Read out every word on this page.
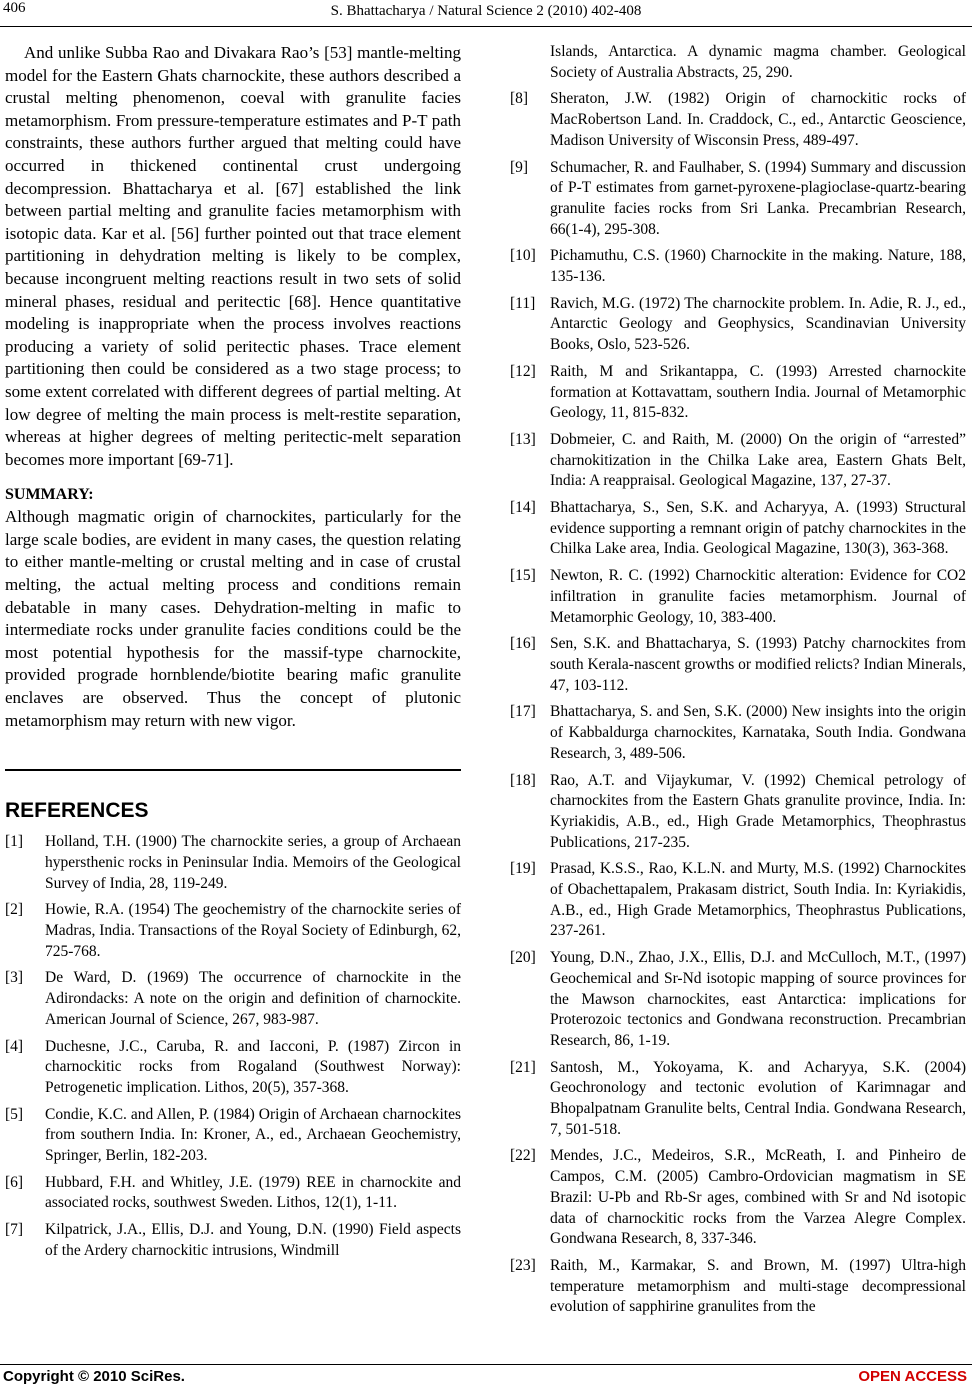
406	S. Bhattacharya / Natural Science 2 (2010) 402-408

And unlike Subba Rao and Divakara Rao’s [53] mantle-melting model for the Eastern Ghats charnockite, these authors described a crustal melting phenomenon, coeval with granulite facies metamorphism. From pressure-temperature estimates and P-T path constraints, these authors further argued that melting could have occurred in thickened continental crust undergoing decompression. Bhattacharya et al. [67] established the link between partial melting and granulite facies metamorphism with isotopic data. Kar et al. [56] further pointed out that trace element partitioning in dehydration melting is likely to be complex, because incongruent melting reactions result in two sets of solid mineral phases, residual and peritectic [68]. Hence quantitative modeling is inappropriate when the process involves reactions producing a variety of solid peritectic phases. Trace element partitioning then could be considered as a two stage process; to some extent correlated with different degrees of partial melting. At low degree of melting the main process is melt-restite separation, whereas at higher degrees of melting peritectic-melt separation becomes more important [69-71].

SUMMARY:

Although magmatic origin of charnockites, particularly for the large scale bodies, are evident in many cases, the question relating to either mantle-melting or crustal melting and in case of crustal melting, the actual melting process and conditions remain debatable in many cases. Dehydration-melting in mafic to intermediate rocks under granulite facies conditions could be the most potential hypothesis for the massif-type charnockite, provided prograde hornblende/biotite bearing mafic granulite enclaves are observed. Thus the concept of plutonic metamorphism may return with new vigor.

REFERENCES
[1]	Holland, T.H. (1900) The charnockite series, a group of Archaean hypersthenic rocks in Peninsular India. Memoirs of the Geological Survey of India, 28, 119-249.
[2]	Howie, R.A. (1954) The geochemistry of the charnockite series of Madras, India. Transactions of the Royal Society of Edinburgh, 62, 725-768.
[3]	De Ward, D. (1969) The occurrence of charnockite in the Adirondacks: A note on the origin and definition of charnockite. American Journal of Science, 267, 983-987.
[4]	Duchesne, J.C., Caruba, R. and Iacconi, P. (1987) Zircon in charnockitic rocks from Rogaland (Southwest Norway): Petrogenetic implication. Lithos, 20(5), 357-368.
[5]	Condie, K.C. and Allen, P. (1984) Origin of Archaean charnockites from southern India. In: Kroner, A., ed., Archaean Geochemistry, Springer, Berlin, 182-203.
[6]	Hubbard, F.H. and Whitley, J.E. (1979) REE in charnockite and associated rocks, southwest Sweden. Lithos, 12(1), 1-11.
[7]	Kilpatrick, J.A., Ellis, D.J. and Young, D.N. (1990) Field aspects of the Ardery charnockitic intrusions, Windmill
Islands, Antarctica. A dynamic magma chamber. Geological Society of Australia Abstracts, 25, 290.
[8]	Sheraton, J.W. (1982) Origin of charnockitic rocks of MacRobertson Land. In. Craddock, C., ed., Antarctic Geoscience, Madison University of Wisconsin Press, 489-497.
[9]	Schumacher, R. and Faulhaber, S. (1994) Summary and discussion of P-T estimates from garnet-pyroxene-plagioclase-quartz-bearing granulite facies rocks from Sri Lanka. Precambrian Research, 66(1-4), 295-308.
[10] Pichamuthu, C.S. (1960) Charnockite in the making. Nature, 188, 135-136.
[11] Ravich, M.G. (1972) The charnockite problem. In. Adie, R. J., ed., Antarctic Geology and Geophysics, Scandinavian University Books, Oslo, 523-526.
[12] Raith, M and Srikantappa, C. (1993) Arrested charnockite formation at Kottavattam, southern India. Journal of Metamorphic Geology, 11, 815-832.
[13] Dobmeier, C. and Raith, M. (2000) On the origin of “arrested” charnokitization in the Chilka Lake area, Eastern Ghats Belt, India: A reappraisal. Geological Magazine, 137, 27-37.
[14] Bhattacharya, S., Sen, S.K. and Acharyya, A. (1993) Structural evidence supporting a remnant origin of patchy charnockites in the Chilka Lake area, India. Geological Magazine, 130(3), 363-368.
[15] Newton, R. C. (1992) Charnockitic alteration: Evidence for CO2 infiltration in granulite facies metamorphism. Journal of Metamorphic Geology, 10, 383-400.
[16] Sen, S.K. and Bhattacharya, S. (1993) Patchy charnockites from south Kerala-nascent growths or modified relicts? Indian Minerals, 47, 103-112.
[17] Bhattacharya, S. and Sen, S.K. (2000) New insights into the origin of Kabbaldurga charnockites, Karnataka, South India. Gondwana Research, 3, 489-506.
[18] Rao, A.T. and Vijaykumar, V. (1992) Chemical petrology of charnockites from the Eastern Ghats granulite province, India. In: Kyriakidis, A.B., ed., High Grade Metamorphics, Theophrastus Publications, 217-235.
[19] Prasad, K.S.S., Rao, K.L.N. and Murty, M.S. (1992) Charnockites of Obachettapalem, Prakasam district, South India. In: Kyriakidis, A.B., ed., High Grade Metamorphics, Theophrastus Publications, 237-261.
[20] Young, D.N., Zhao, J.X., Ellis, D.J. and McCulloch, M.T., (1997) Geochemical and Sr-Nd isotopic mapping of source provinces for the Mawson charnockites, east Antarctica: implications for Proterozoic tectonics and Gondwana reconstruction. Precambrian Research, 86, 1-19.
[21] Santosh, M., Yokoyama, K. and Acharyya, S.K. (2004) Geochronology and tectonic evolution of Karimnagar and Bhopalpatnam Granulite belts, Central India. Gondwana Research, 7, 501-518.
[22] Mendes, J.C., Medeiros, S.R., McReath, I. and Pinheiro de Campos, C.M. (2005) Cambro-Ordovician magmatism in SE Brazil: U-Pb and Rb-Sr ages, combined with Sr and Nd isotopic data of charnockitic rocks from the Varzea Alegre Complex. Gondwana Research, 8, 337-346.
[23] Raith, M., Karmakar, S. and Brown, M. (1997) Ultra-high temperature metamorphism and multi-stage decompressional evolution of sapphirine granulites from the
Copyright © 2010 SciRes.	OPEN ACCESS
